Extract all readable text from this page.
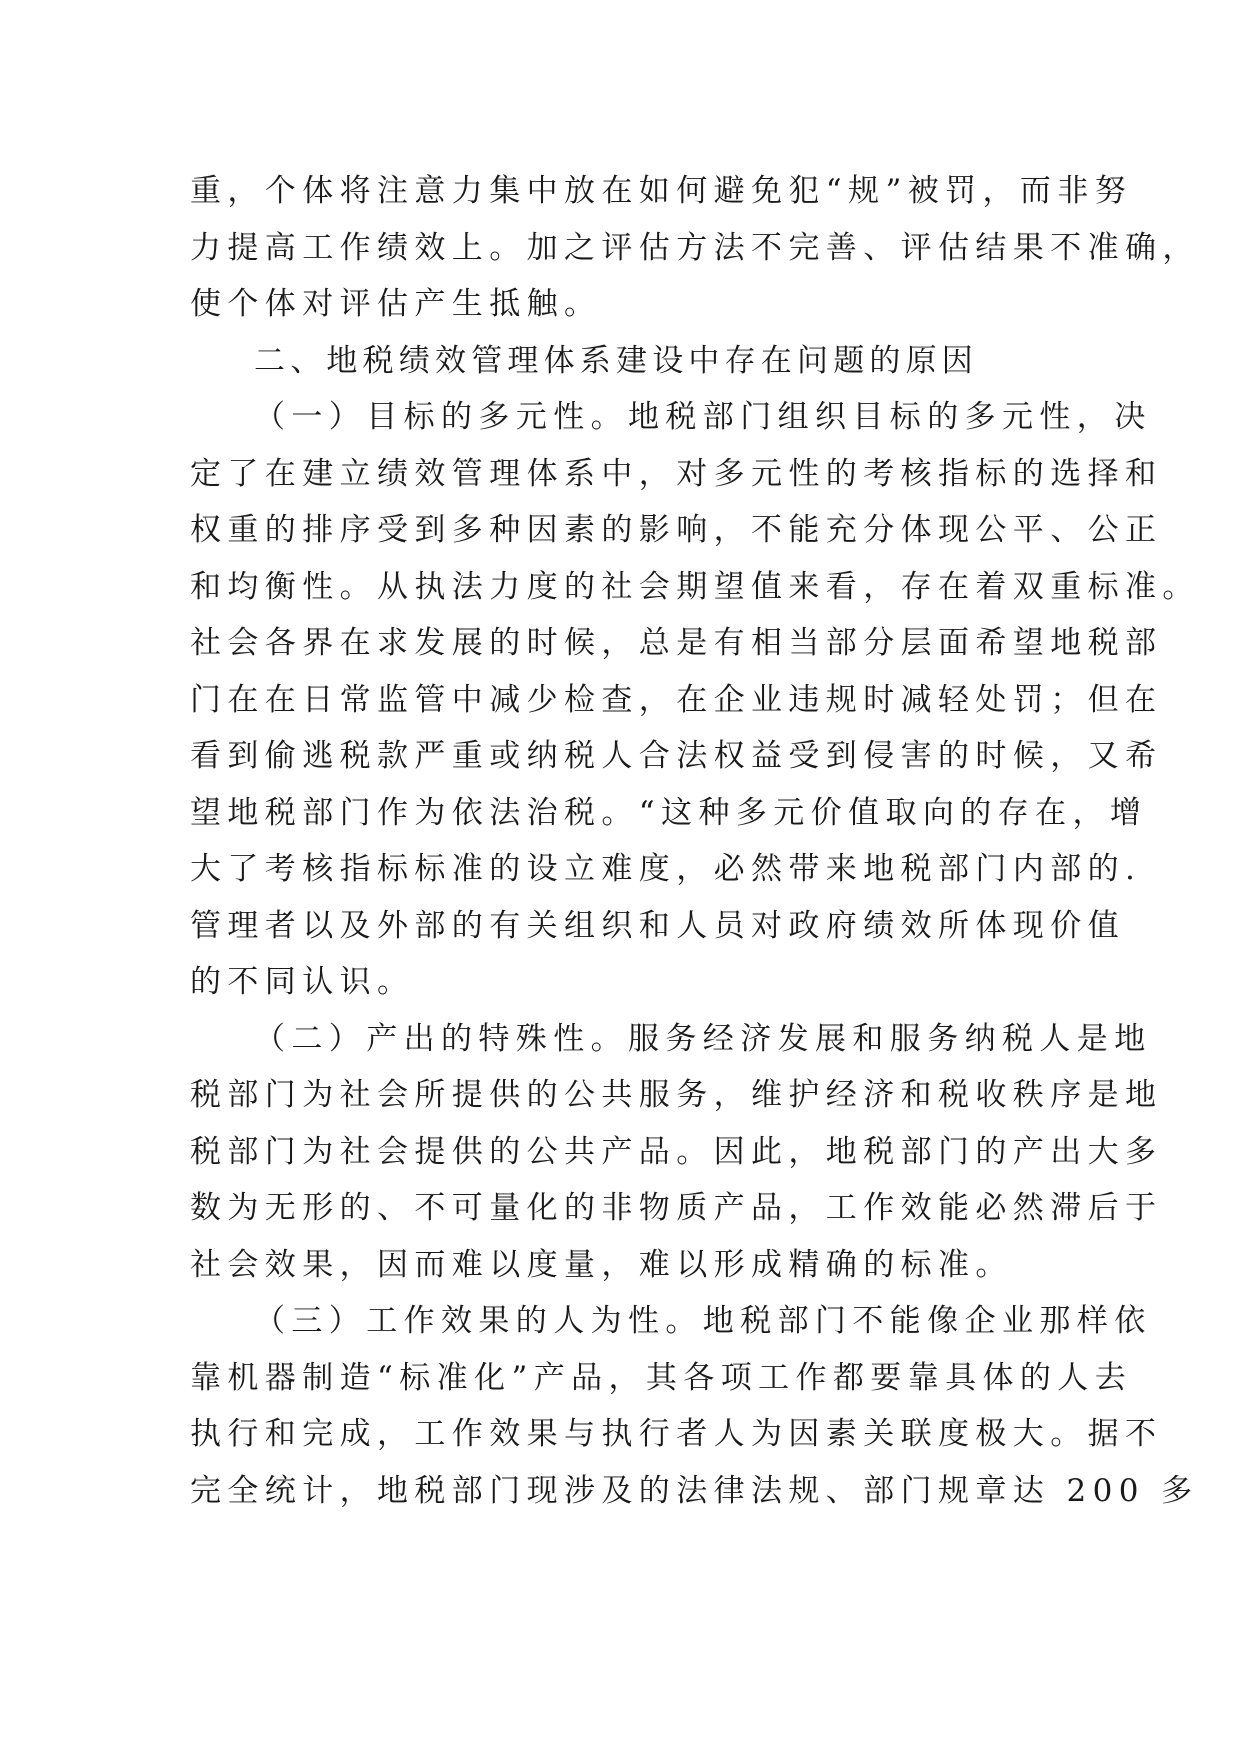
重，个体将注意力集中放在如何避免犯“规”被罚，而非努
力提高工作绩效上。加之评估方法不完善、评估结果不准确，
使个体对评估产生抵触。
二、地税绩效管理体系建设中存在问题的原因
（一）目标的多元性。地税部门组织目标的多元性，决
定了在建立绩效管理体系中，对多元性的考核指标的选择和
权重的排序受到多种因素的影响，不能充分体现公平、公正
和均衡性。从执法力度的社会期望值来看，存在着双重标准。
社会各界在求发展的时候，总是有相当部分层面希望地税部
门在在日常监管中减少检查，在企业违规时减轻处罚；但在
看到偷逃税款严重或纳税人合法权益受到侵害的时候，又希
望地税部门作为依法治税。“这种多元价值取向的存在，增
大了考核指标标准的设立难度，必然带来地税部门内部的.
管理者以及外部的有关组织和人员对政府绩效所体现价值
的不同认识。
（二）产出的特殊性。服务经济发展和服务纳税人是地
税部门为社会所提供的公共服务，维护经济和税收秩序是地
税部门为社会提供的公共产品。因此，地税部门的产出大多
数为无形的、不可量化的非物质产品，工作效能必然滞后于
社会效果，因而难以度量，难以形成精确的标准。
（三）工作效果的人为性。地税部门不能像企业那样依
靠机器制造“标准化”产品，其各项工作都要靠具体的人去
执行和完成，工作效果与执行者人为因素关联度极大。据不
完全统计，地税部门现涉及的法律法规、部门规章达 200 多
